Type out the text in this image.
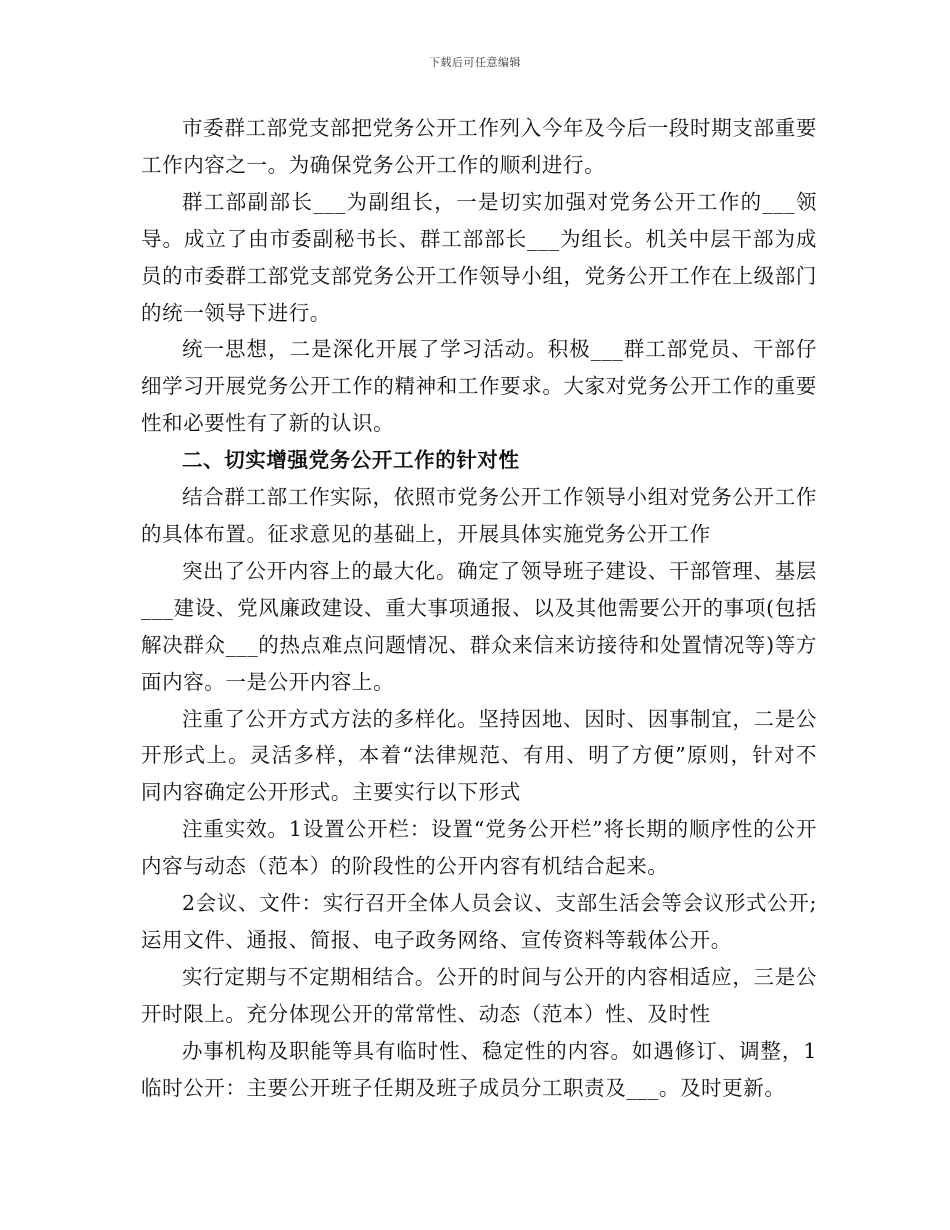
下载后可任意编辑

市委群工部党支部把党务公开工作列入今年及今后一段时期支部重要工作内容之一。为确保党务公开工作的顺利进行。

群工部副部长___为副组长，一是切实加强对党务公开工作的___领导。成立了由市委副秘书长、群工部部长___为组长。机关中层干部为成员的市委群工部党支部党务公开工作领导小组，党务公开工作在上级部门的统一领导下进行。

统一思想，二是深化开展了学习活动。积极___群工部党员、干部仔细学习开展党务公开工作的精神和工作要求。大家对党务公开工作的重要性和必要性有了新的认识。

二、切实增强党务公开工作的针对性

结合群工部工作实际，依照市党务公开工作领导小组对党务公开工作的具体布置。征求意见的基础上，开展具体实施党务公开工作

突出了公开内容上的最大化。确定了领导班子建设、干部管理、基层___建设、党风廉政建设、重大事项通报、以及其他需要公开的事项(包括解决群众___的热点难点问题情况、群众来信来访接待和处置情况等)等方面内容。一是公开内容上。

注重了公开方式方法的多样化。坚持因地、因时、因事制宜，二是公开形式上。灵活多样，本着“法律规范、有用、明了方便”原则，针对不同内容确定公开形式。主要实行以下形式

注重实效。1设置公开栏：设置“党务公开栏”将长期的顺序性的公开内容与动态（范本）的阶段性的公开内容有机结合起来。

2会议、文件：实行召开全体人员会议、支部生活会等会议形式公开;运用文件、通报、简报、电子政务网络、宣传资料等载体公开。

实行定期与不定期相结合。公开的时间与公开的内容相适应，三是公开时限上。充分体现公开的常常性、动态（范本）性、及时性

办事机构及职能等具有临时性、稳定性的内容。如遇修订、调整，1临时公开：主要公开班子任期及班子成员分工职责及___。及时更新。
